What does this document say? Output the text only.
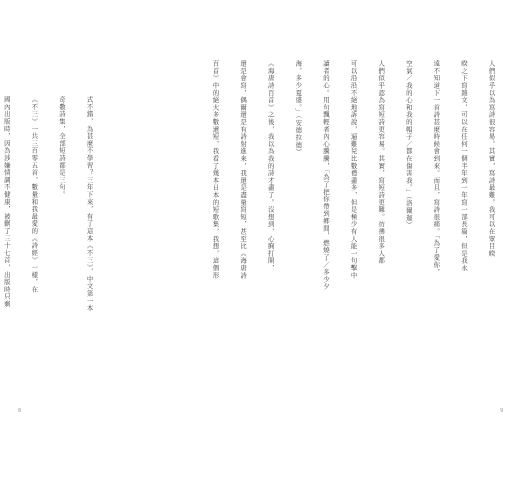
式不錯，為甚麼不學習？三年下來，有了這本《不三》，中文第一本

奇數詩集，全部短詩都是三句。

《不三》一共三百零五首，數量和我最愛的《詩經》一樣，在

國內出版時，因為涉嫌情調不健康，被刪了三十七首，出版時只剩

8

人們似乎以為寫詩很容易。其實，寫詩最難。我可以在眾目睽

睽之下寫雜文，可以在任何一個半年到一年寫一部長篇，但是我永

遠不知道下一首詩甚麼時候會到來。而且，寫詩很痛。「為了愛你，

空氣／我的心和我的帽子／都在傷害我。」（洛爾迦）

人們似乎認為寫短詩更容易。其實，寫短詩更難。彷彿很多人都

可以沿沿不絕地訴說，逼難兒比數禮盡多，但是極少有人能一句擊中

讀者的心。用句飄輕者內心騰騰，「為了把你帶到鄉間，燃燒了／多少夕

海，多少夏盛。」（安德拉德）

《海唐詩百首》之後，我以為我的詩才盡了。沒想到，心胸打開，

還是會寫，偶爾還是有詩射進來，我還是盡量寫短，甚至比《海唐詩

百首》中的絕大多數還短，我看了幾本日本的短歌集，我想，這個形

9
